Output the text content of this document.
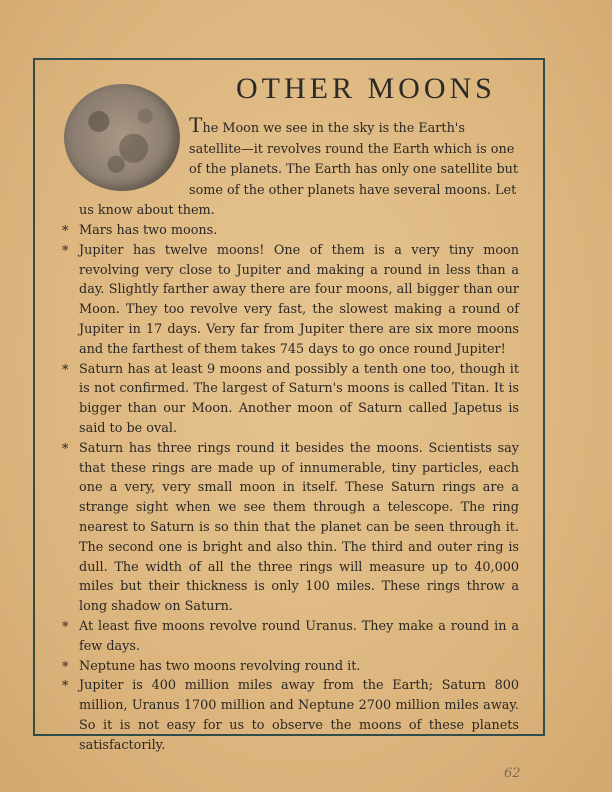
OTHER MOONS

The Moon we see in the sky is the Earth's satellite—it revolves round the Earth which is one of the planets. The Earth has only one satellite but some of the other planets have several moons. Let us know about them.

* Mars has two moons.
* Jupiter has twelve moons! One of them is a very tiny moon revolving very close to Jupiter and making a round in less than a day. Slightly farther away there are four moons, all bigger than our Moon. They too revolve very fast, the slowest making a round of Jupiter in 17 days. Very far from Jupiter there are six more moons and the farthest of them takes 745 days to go once round Jupiter!
* Saturn has at least 9 moons and possibly a tenth one too, though it is not confirmed. The largest of Saturn's moons is called Titan. It is bigger than our Moon. Another moon of Saturn called Japetus is said to be oval.
* Saturn has three rings round it besides the moons. Scientists say that these rings are made up of innumerable, tiny particles, each one a very, very small moon in itself. These Saturn rings are a strange sight when we see them through a telescope. The ring nearest to Saturn is so thin that the planet can be seen through it. The second one is bright and also thin. The third and outer ring is dull. The width of all the three rings will measure up to 40,000 miles but their thickness is only 100 miles. These rings throw a long shadow on Saturn.
* At least five moons revolve round Uranus. They make a round in a few days.
* Neptune has two moons revolving round it.
* Jupiter is 400 million miles away from the Earth; Saturn 800 million, Uranus 1700 million and Neptune 2700 million miles away. So it is not easy for us to observe the moons of these planets satisfactorily.
62
